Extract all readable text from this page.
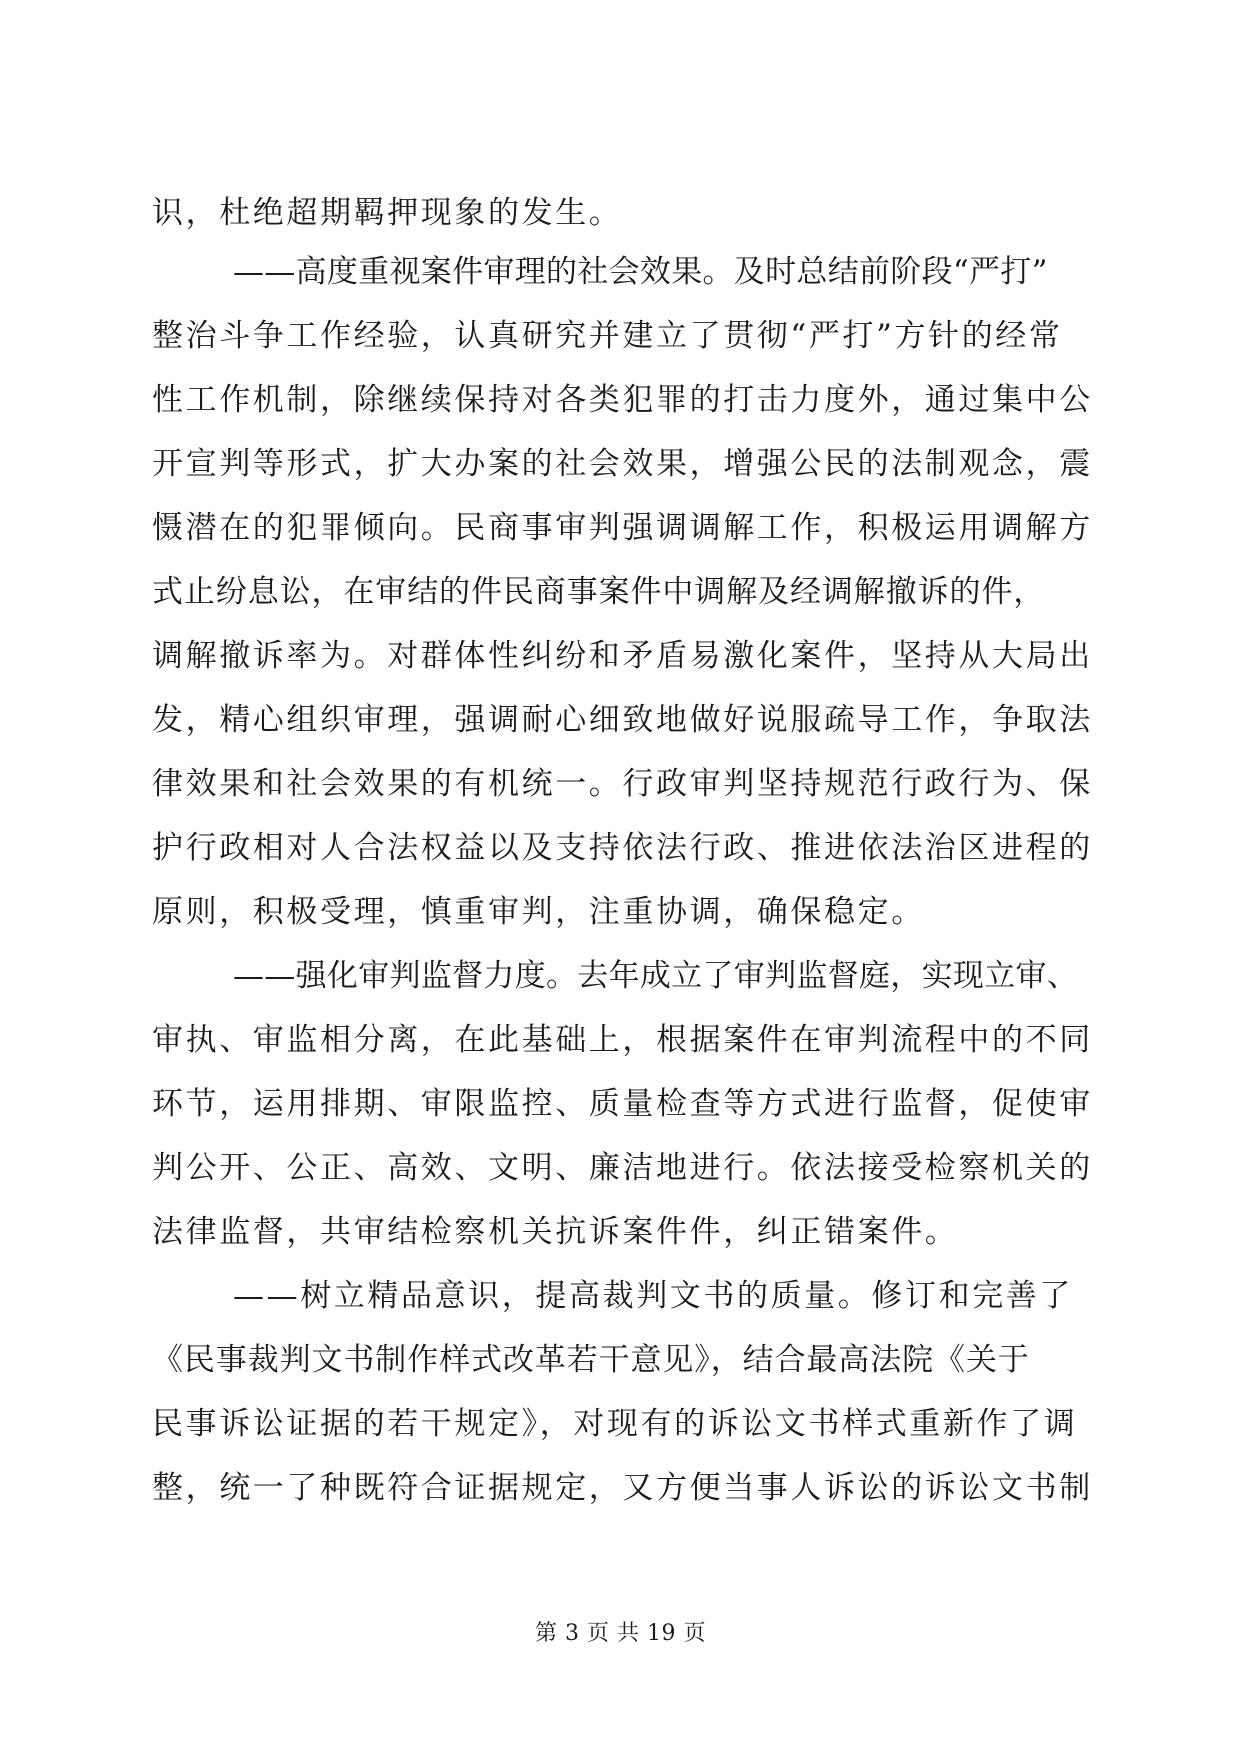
识，杜绝超期羁押现象的发生。
——高度重视案件审理的社会效果。及时总结前阶段“严打”
整治斗争工作经验，认真研究并建立了贯彻“严打”方针的经常
性工作机制，除继续保持对各类犯罪的打击力度外，通过集中公
开宣判等形式，扩大办案的社会效果，增强公民的法制观念，震
慑潜在的犯罪倾向。民商事审判强调调解工作，积极运用调解方
式止纷息讼，在审结的件民商事案件中调解及经调解撤诉的件，
调解撤诉率为。对群体性纠纷和矛盾易激化案件，坚持从大局出
发，精心组织审理，强调耐心细致地做好说服疏导工作，争取法
律效果和社会效果的有机统一。行政审判坚持规范行政行为、保
护行政相对人合法权益以及支持依法行政、推进依法治区进程的
原则，积极受理，慎重审判，注重协调，确保稳定。
——强化审判监督力度。去年成立了审判监督庭，实现立审、
审执、审监相分离，在此基础上，根据案件在审判流程中的不同
环节，运用排期、审限监控、质量检查等方式进行监督，促使审
判公开、公正、高效、文明、廉洁地进行。依法接受检察机关的
法律监督，共审结检察机关抗诉案件件，纠正错案件。
——树立精品意识，提高裁判文书的质量。修订和完善了
《民事裁判文书制作样式改革若干意见》，结合最高法院《关于
民事诉讼证据的若干规定》，对现有的诉讼文书样式重新作了调
整，统一了种既符合证据规定，又方便当事人诉讼的诉讼文书制
第 3 页 共 19 页
